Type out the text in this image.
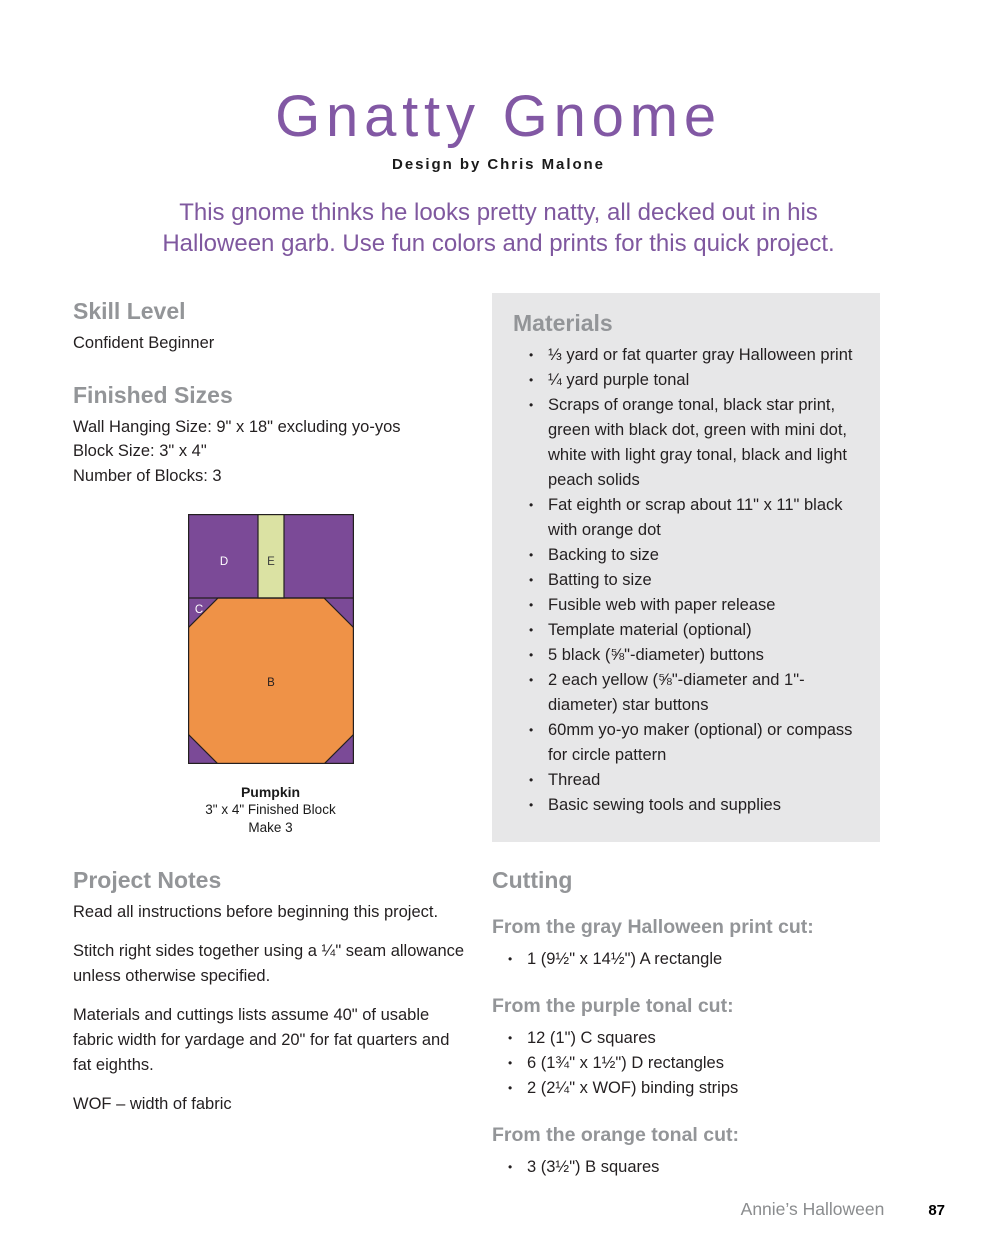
Gnatty Gnome
Design by Chris Malone
This gnome thinks he looks pretty natty, all decked out in his Halloween garb. Use fun colors and prints for this quick project.
Skill Level
Confident Beginner
Finished Sizes
Wall Hanging Size: 9" x 18" excluding yo-yos
Block Size: 3" x 4"
Number of Blocks: 3
D	E
C
B
Pumpkin
3" x 4" Finished Block
Make 3
Project Notes

Read all instructions before beginning this project.

Stitch right sides together using a ¼" seam allowance unless otherwise specified.

Materials and cuttings lists assume 40" of usable fabric width for yardage and 20" for fat quarters and fat eighths.

WOF – width of fabric

Materials
• ⅓ yard or fat quarter gray Halloween print
• ¼ yard purple tonal
• Scraps of orange tonal, black star print, green with black dot, green with mini dot, white with light gray tonal, black and light peach solids
• Fat eighth or scrap about 11" x 11" black with orange dot
• Backing to size
• Batting to size
• Fusible web with paper release
• Template material (optional)
• 5 black (⅝"-diameter) buttons
• 2 each yellow (⅝"-diameter and 1"-diameter) star buttons
• 60mm yo-yo maker (optional) or compass for circle pattern
• Thread
• Basic sewing tools and supplies
Cutting
From the gray Halloween print cut:
• 1 (9½" x 14½") A rectangle
From the purple tonal cut:
• 12 (1") C squares
• 6 (1¾" x 1½") D rectangles
• 2 (2¼" x WOF) binding strips
From the orange tonal cut:
• 3 (3½") B squares
Annie’s Halloween	87
